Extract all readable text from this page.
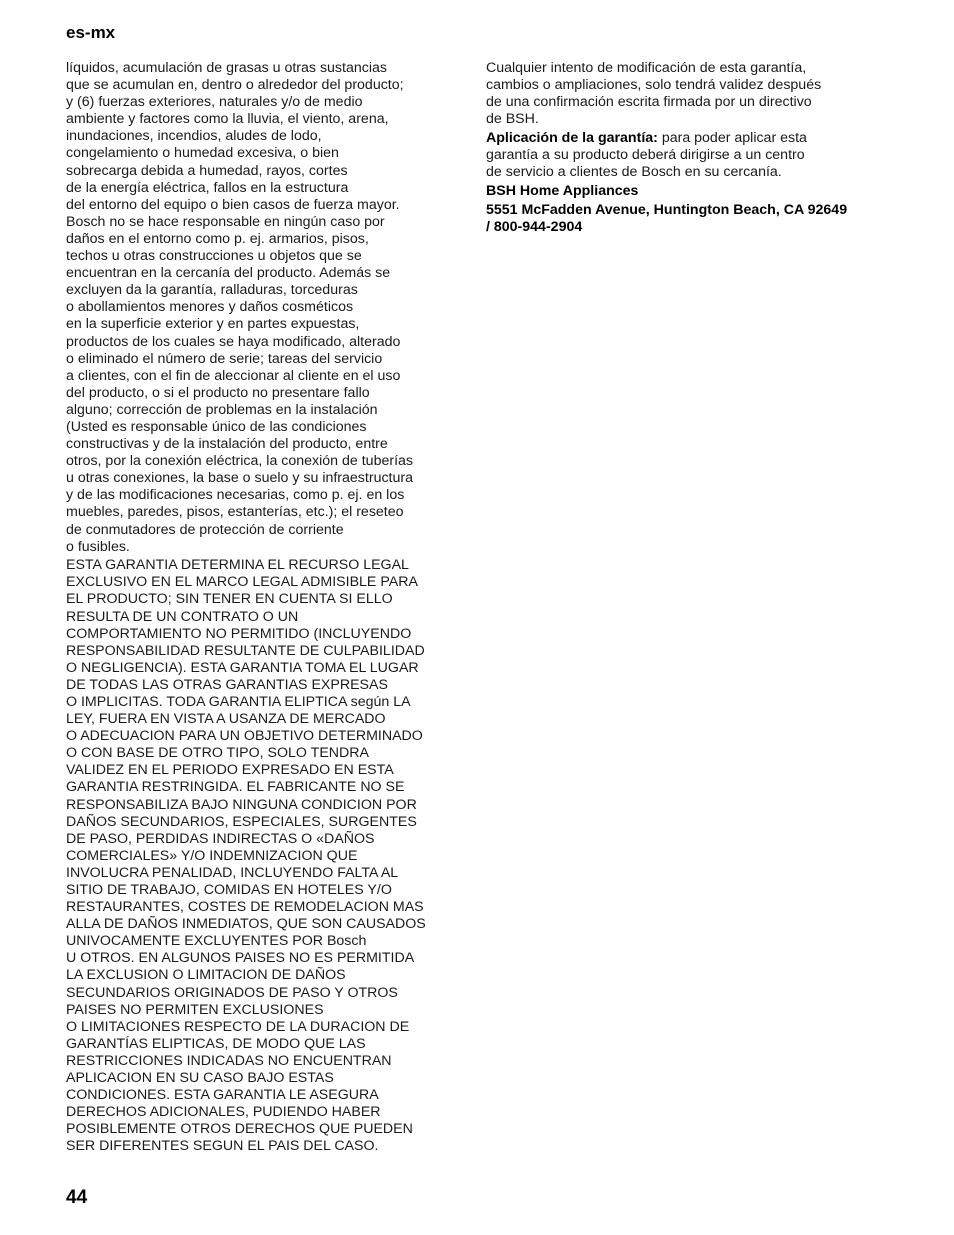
es-mx
líquidos, acumulación de grasas u otras sustancias
que se acumulan en, dentro o alrededor del producto;
y (6) fuerzas exteriores, naturales y/o de medio
ambiente y factores como la lluvia, el viento, arena,
inundaciones, incendios, aludes de lodo,
congelamiento o humedad excesiva, o bien
sobrecarga debida a humedad, rayos, cortes
de la energía eléctrica, fallos en la estructura
del entorno del equipo o bien casos de fuerza mayor.
Bosch no se hace responsable en ningún caso por
daños en el entorno como p. ej. armarios, pisos,
techos u otras construcciones u objetos que se
encuentran en la cercanía del producto. Además se
excluyen da la garantía, ralladuras, torceduras
o abollamientos menores y daños cosméticos
en la superficie exterior y en partes expuestas,
productos de los cuales se haya modificado, alterado
o eliminado el número de serie; tareas del servicio
a clientes, con el fin de aleccionar al cliente en el uso
del producto, o si el producto no presentare fallo
alguno; corrección de problemas en la instalación
(Usted es responsable único de las condiciones
constructivas y de la instalación del producto, entre
otros, por la conexión eléctrica, la conexión de tuberías
u otras conexiones, la base o suelo y su infraestructura
y de las modificaciones necesarias, como p. ej. en los
muebles, paredes, pisos, estanterías, etc.); el reseteo
de conmutadores de protección de corriente
o fusibles.
ESTA GARANTIA DETERMINA EL RECURSO LEGAL
EXCLUSIVO EN EL MARCO LEGAL ADMISIBLE PARA
EL PRODUCTO; SIN TENER EN CUENTA SI ELLO
RESULTA DE UN CONTRATO O UN
COMPORTAMIENTO NO PERMITIDO (INCLUYENDO
RESPONSABILIDAD RESULTANTE DE CULPABILIDAD
O NEGLIGENCIA). ESTA GARANTIA TOMA EL LUGAR
DE TODAS LAS OTRAS GARANTIAS EXPRESAS
O IMPLICITAS. TODA GARANTIA ELIPTICA según LA
LEY, FUERA EN VISTA A USANZA DE MERCADO
O ADECUACION PARA UN OBJETIVO DETERMINADO
O CON BASE DE OTRO TIPO, SOLO TENDRA
VALIDEZ EN EL PERIODO EXPRESADO EN ESTA
GARANTIA RESTRINGIDA. EL FABRICANTE NO SE
RESPONSABILIZA BAJO NINGUNA CONDICION POR
DAÑOS SECUNDARIOS, ESPECIALES, SURGENTES
DE PASO, PERDIDAS INDIRECTAS O «DAÑOS
COMERCIALES» Y/O INDEMNIZACION QUE
INVOLUCRA PENALIDAD, INCLUYENDO FALTA AL
SITIO DE TRABAJO, COMIDAS EN HOTELES Y/O
RESTAURANTES, COSTES DE REMODELACION MAS
ALLA DE DAÑOS INMEDIATOS, QUE SON CAUSADOS
UNIVOCAMENTE EXCLUYENTES POR Bosch
U OTROS. EN ALGUNOS PAISES NO ES PERMITIDA
LA EXCLUSION O LIMITACION DE DAÑOS
SECUNDARIOS ORIGINADOS DE PASO Y OTROS
PAISES NO PERMITEN EXCLUSIONES
O LIMITACIONES RESPECTO DE LA DURACION DE
GARANTÍAS ELIPTICAS, DE MODO QUE LAS
RESTRICCIONES INDICADAS NO ENCUENTRAN
APLICACION EN SU CASO BAJO ESTAS
CONDICIONES. ESTA GARANTIA LE ASEGURA
DERECHOS ADICIONALES, PUDIENDO HABER
POSIBLEMENTE OTROS DERECHOS QUE PUEDEN
SER DIFERENTES SEGUN EL PAIS DEL CASO.
Cualquier intento de modificación de esta garantía,
cambios o ampliaciones, solo tendrá validez después
de una confirmación escrita firmada por un directivo
de BSH.
Aplicación de la garantía: para poder aplicar esta
garantía a su producto deberá dirigirse a un centro
de servicio a clientes de Bosch en su cercanía.
BSH Home Appliances
5551 McFadden Avenue, Huntington Beach, CA 92649
/ 800-944-2904
44
